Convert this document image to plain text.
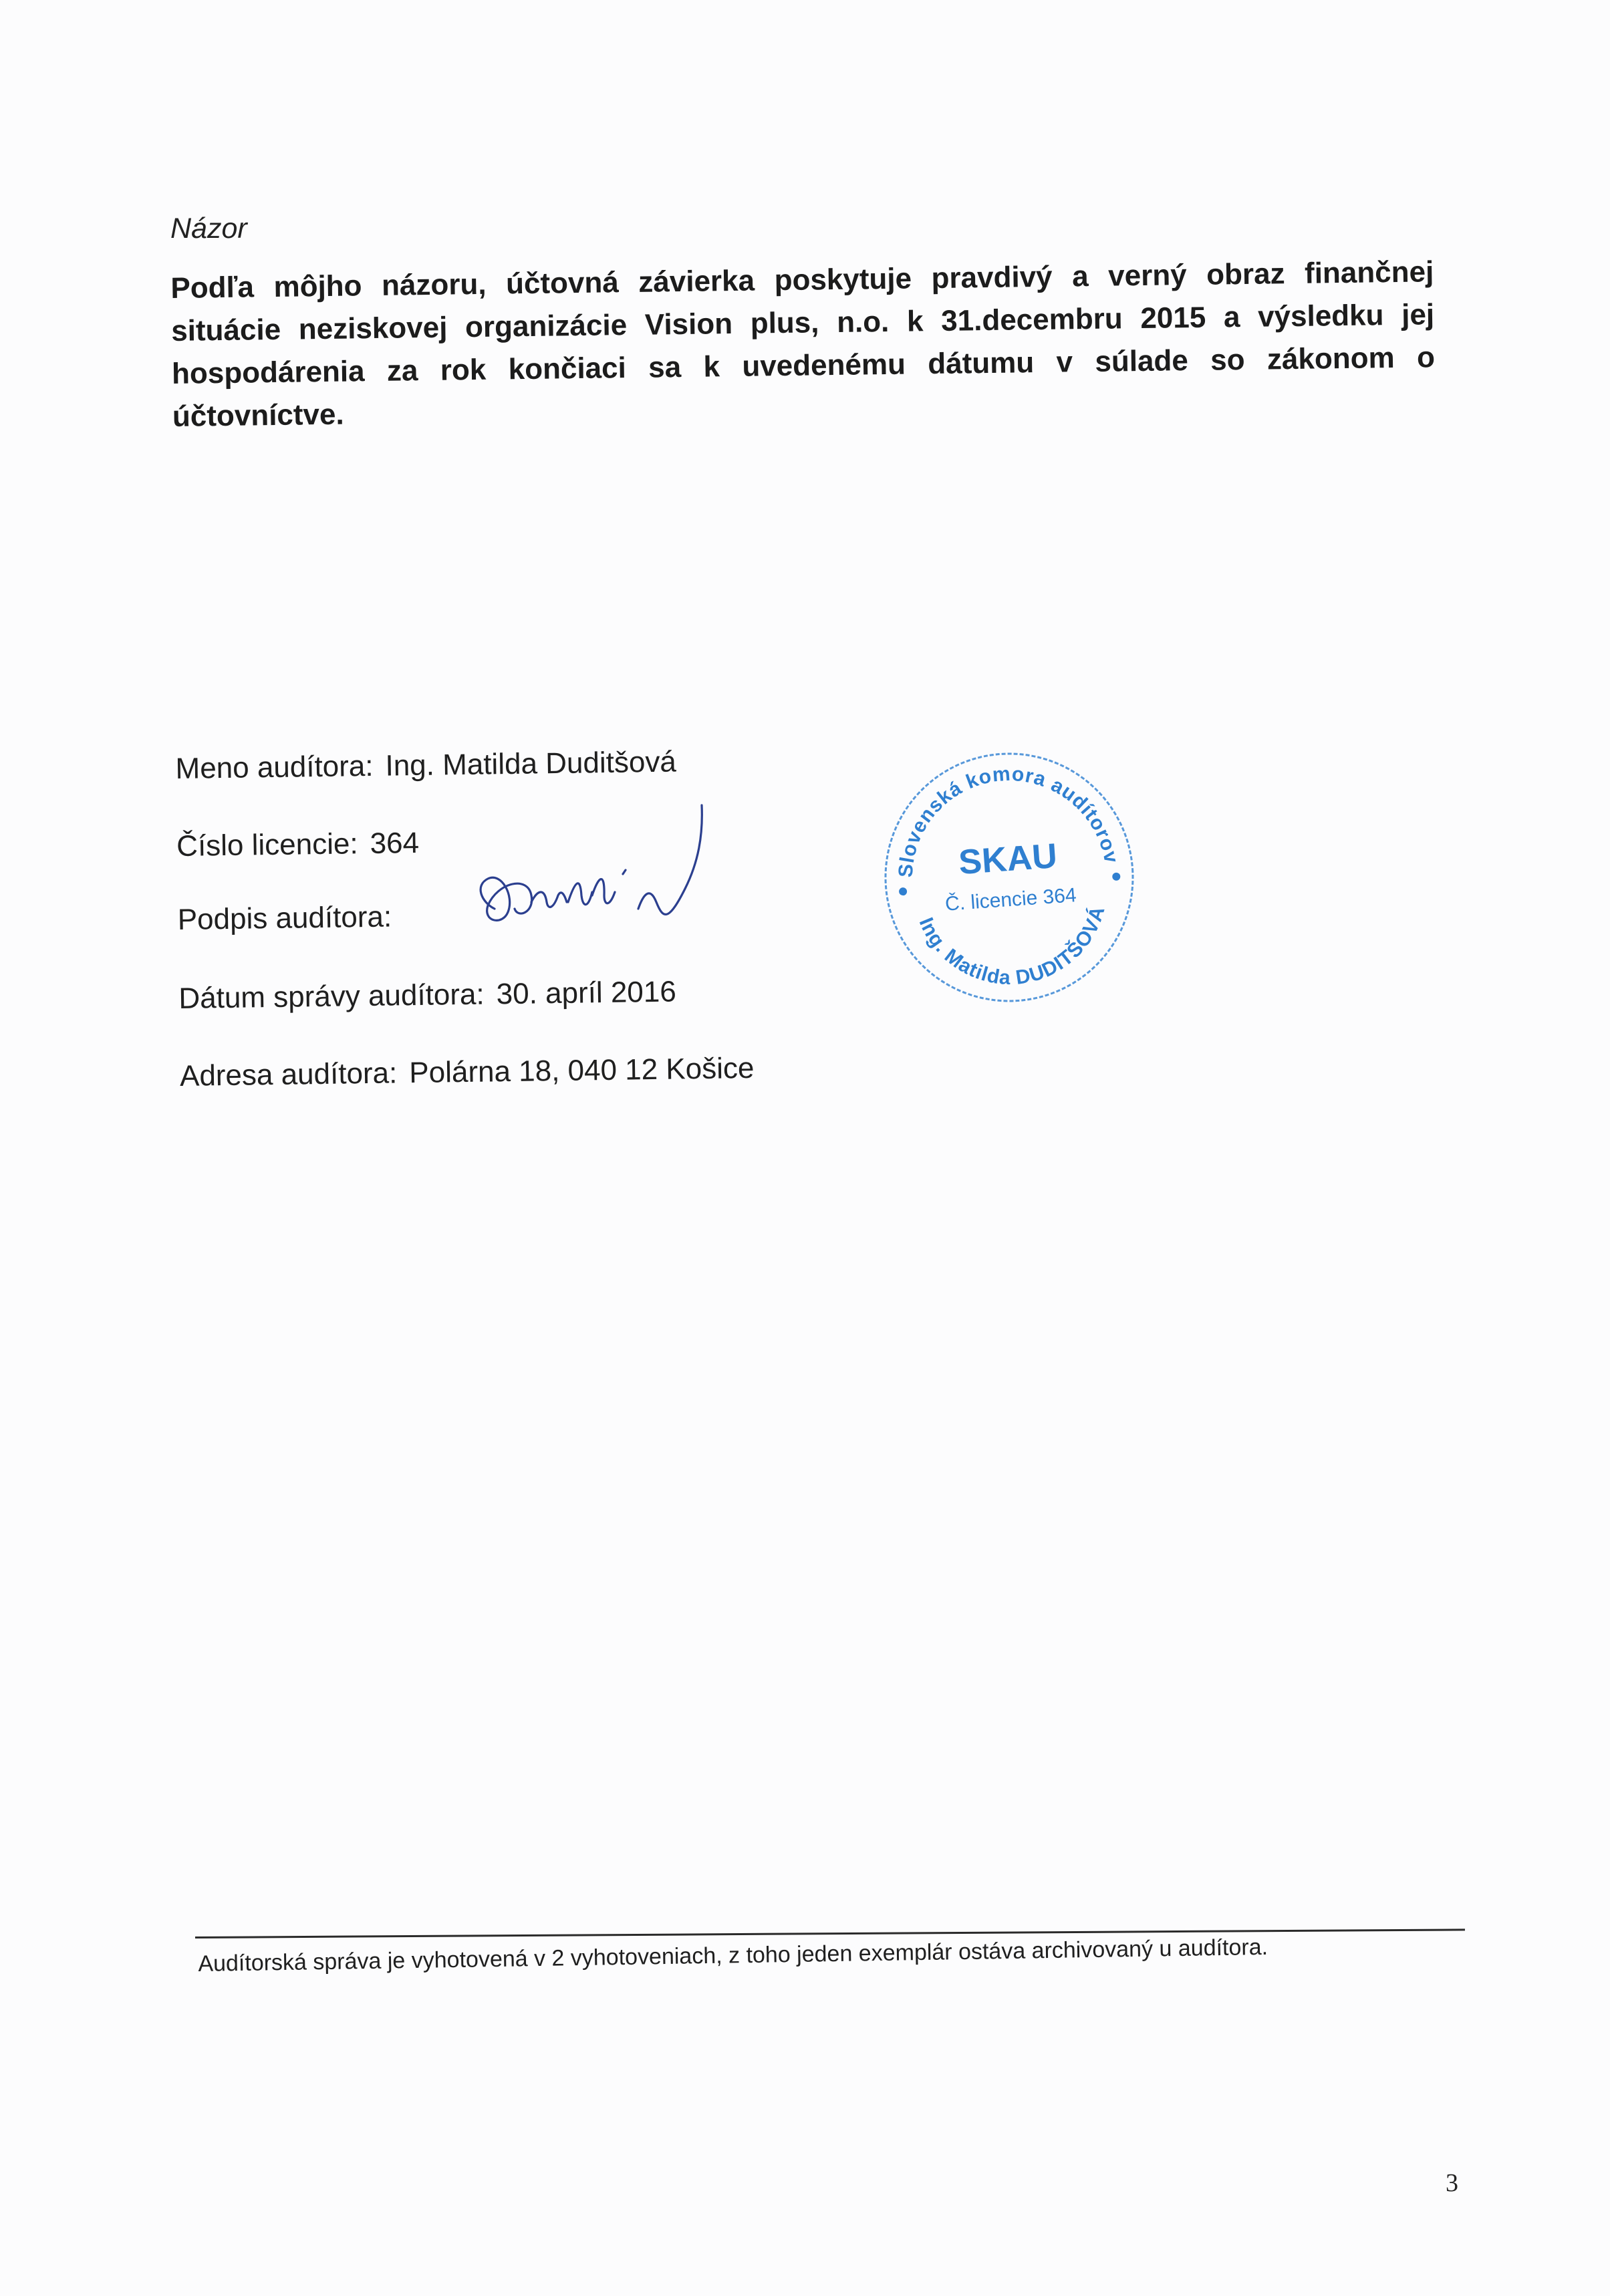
Názor

Podľa môjho názoru, účtovná závierka poskytuje pravdivý a verný obraz finančnej situácie neziskovej organizácie Vision plus, n.o. k 31.decembru 2015 a výsledku jej hospodárenia za rok končiaci sa k uvedenému dátumu v súlade so zákonom o účtovníctve.

Meno audítora: Ing. Matilda Duditšová
Číslo licencie: 364
Podpis audítora:
Dátum správy audítora: 30. apríl 2016
Adresa audítora: Polárna 18, 040 12 Košice
Slovenská komora audítorov
Ing. Matilda DUDITŠOVÁ
SKAU
Č. licencie 364

Audítorská správa je vyhotovená v 2 vyhotoveniach, z toho jeden exemplár ostáva archivovaný u audítora.

3
